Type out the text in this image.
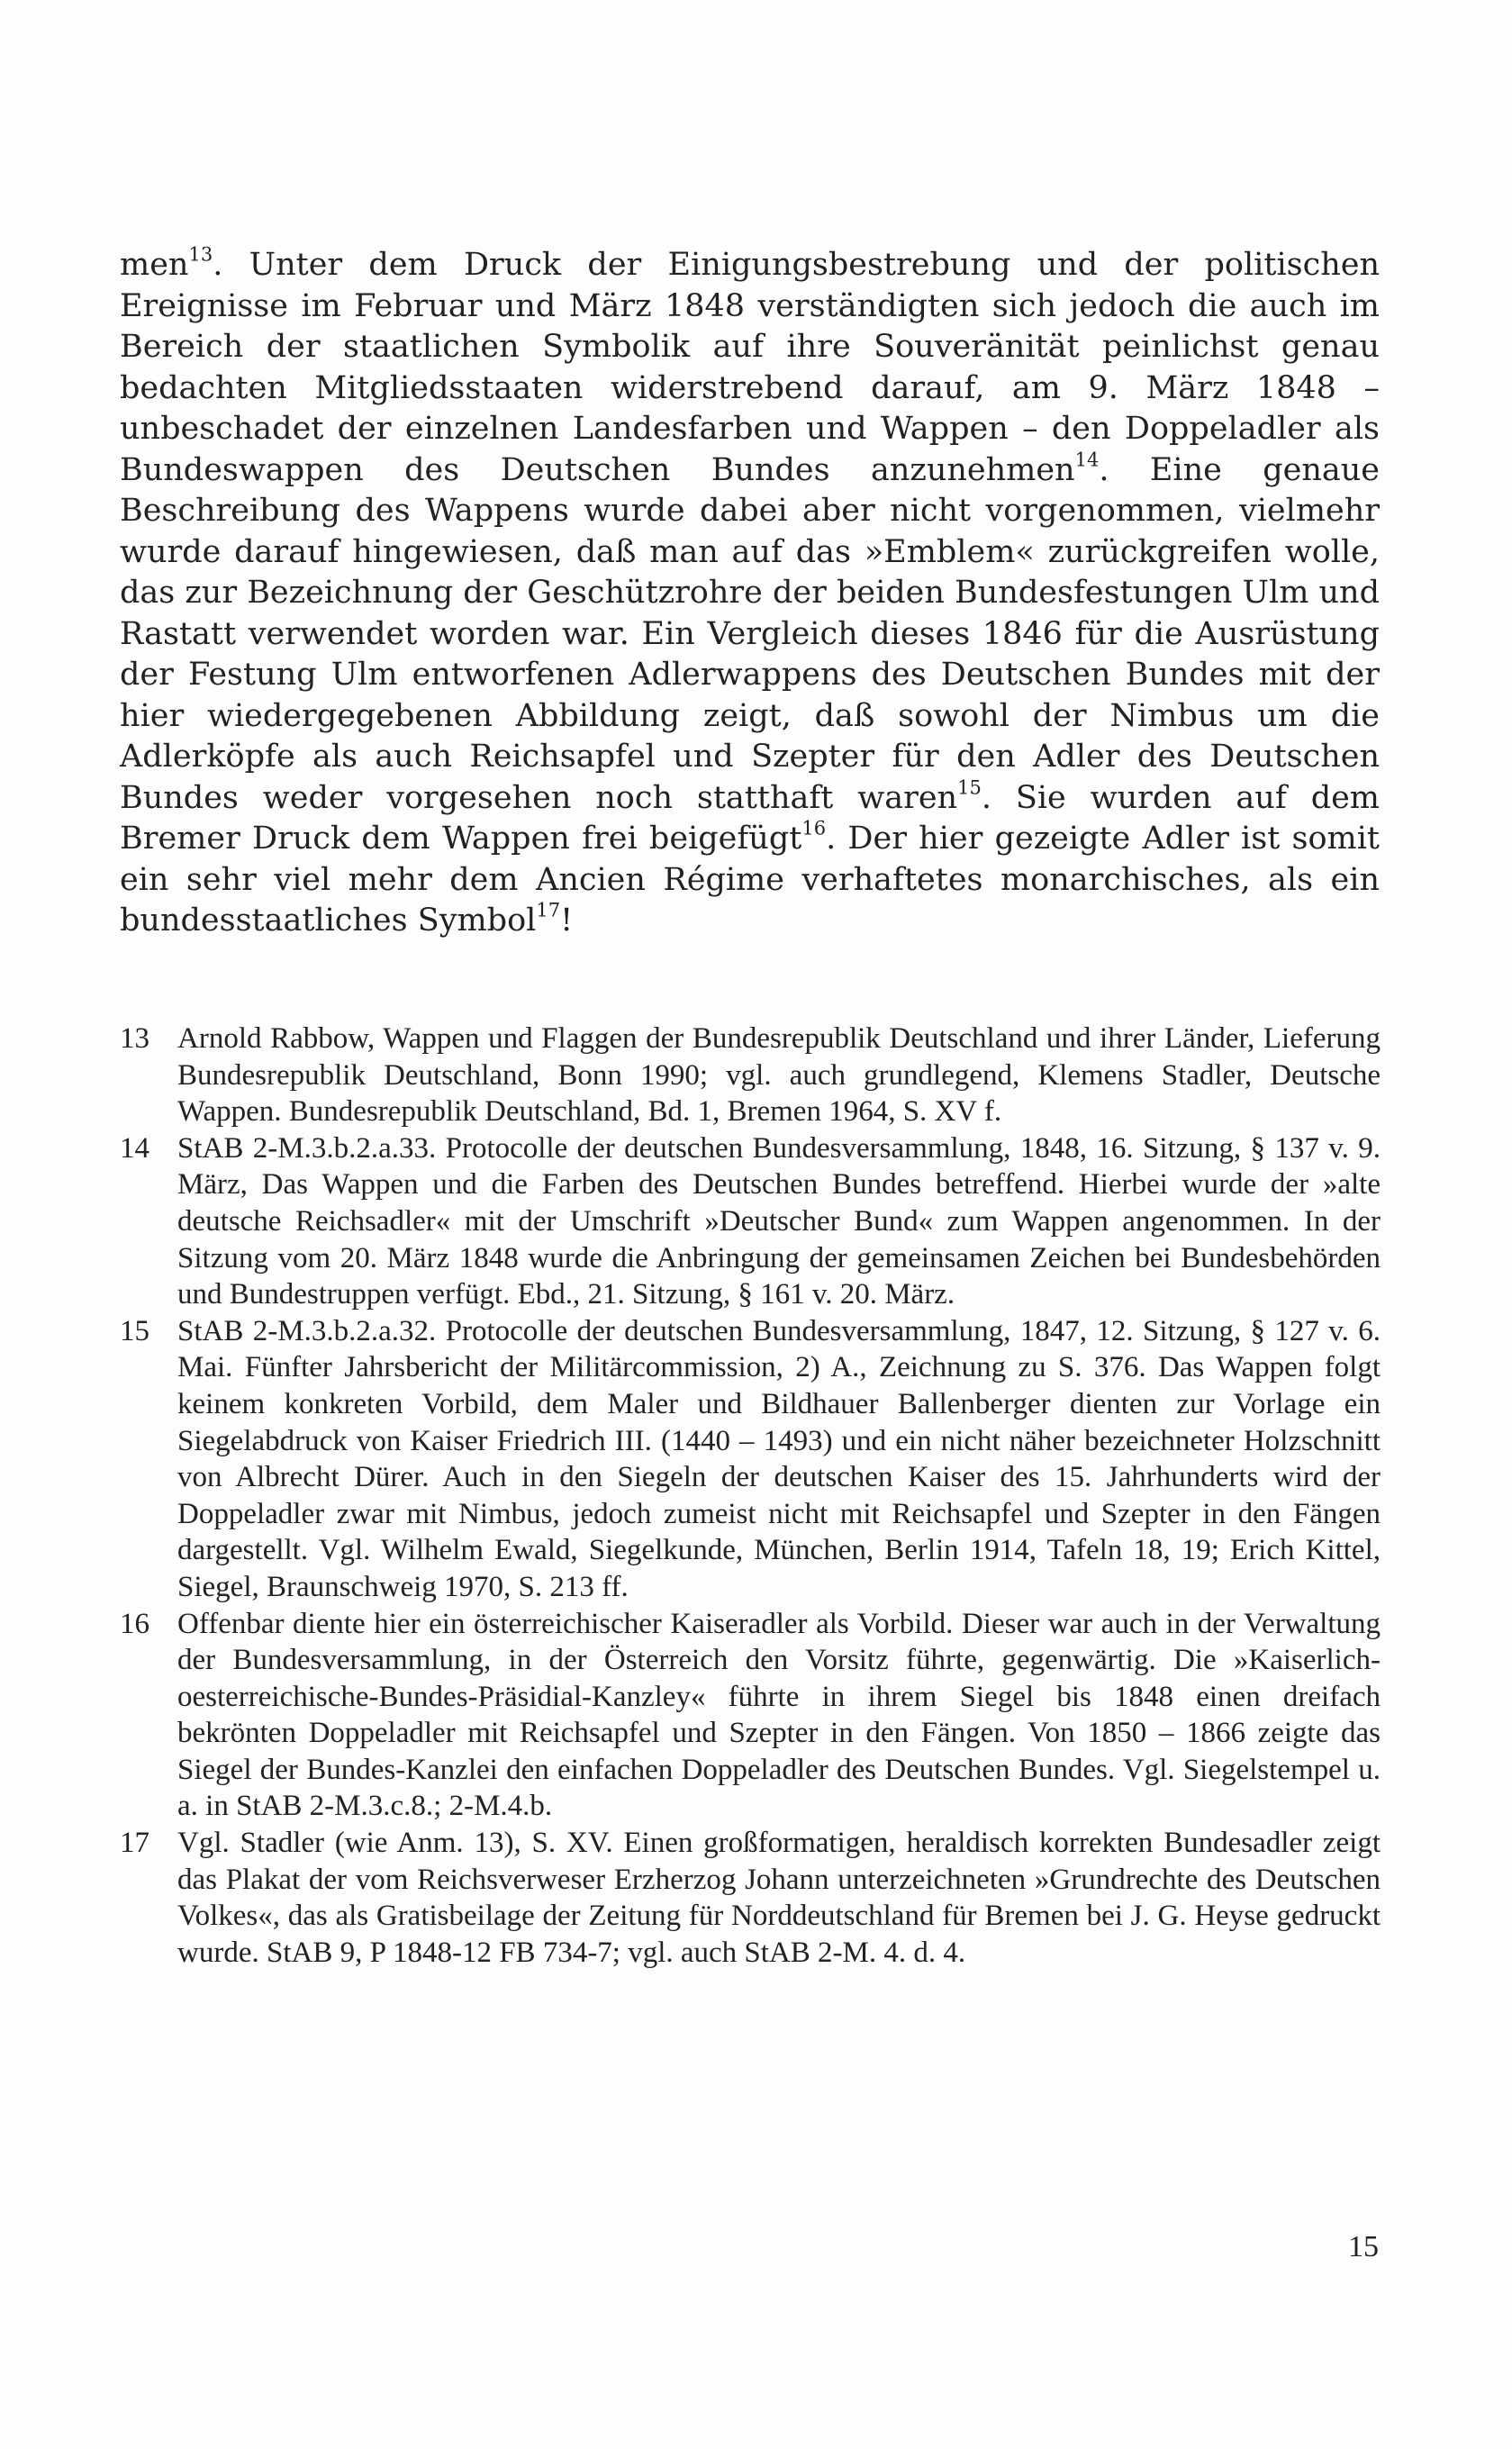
men$^{13}$. Unter dem Druck der Einigungsbestrebung und der politischen Ereignisse im Februar und März 1848 verständigten sich jedoch die auch im Bereich der staatlichen Symbolik auf ihre Souveränität peinlichst genau bedachten Mitgliedsstaaten widerstrebend darauf, am 9. März 1848 – unbeschadet der einzelnen Landesfarben und Wappen – den Doppeladler als Bundeswappen des Deutschen Bundes anzunehmen$^{14}$. Eine genaue Beschreibung des Wappens wurde dabei aber nicht vorgenommen, vielmehr wurde darauf hingewiesen, daß man auf das »Emblem« zurückgreifen wolle, das zur Bezeichnung der Geschützrohre der beiden Bundesfestungen Ulm und Rastatt verwendet worden war. Ein Vergleich dieses 1846 für die Ausrüstung der Festung Ulm entworfenen Adlerwappens des Deutschen Bundes mit der hier wiedergegebenen Abbildung zeigt, daß sowohl der Nimbus um die Adlerköpfe als auch Reichsapfel und Szepter für den Adler des Deutschen Bundes weder vorgesehen noch statthaft waren$^{15}$. Sie wurden auf dem Bremer Druck dem Wappen frei beigefügt$^{16}$. Der hier gezeigte Adler ist somit ein sehr viel mehr dem Ancien Régime verhaftetes monarchisches, als ein bundesstaatliches Symbol$^{17}$!

13 Arnold Rabbow, Wappen und Flaggen der Bundesrepublik Deutschland und ihrer Länder, Lieferung Bundesrepublik Deutschland, Bonn 1990; vgl. auch grundlegend, Klemens Stadler, Deutsche Wappen. Bundesrepublik Deutschland, Bd. 1, Bremen 1964, S. XV f.
14 StAB 2-M.3.b.2.a.33. Protocolle der deutschen Bundesversammlung, 1848, 16. Sitzung, § 137 v. 9. März, Das Wappen und die Farben des Deutschen Bundes betreffend. Hierbei wurde der »alte deutsche Reichsadler« mit der Umschrift »Deutscher Bund« zum Wappen angenommen. In der Sitzung vom 20. März 1848 wurde die Anbringung der gemeinsamen Zeichen bei Bundesbehörden und Bundestruppen verfügt. Ebd., 21. Sitzung, § 161 v. 20. März.
15 StAB 2-M.3.b.2.a.32. Protocolle der deutschen Bundesversammlung, 1847, 12. Sitzung, § 127 v. 6. Mai. Fünfter Jahrsbericht der Militärcommission, 2) A., Zeichnung zu S. 376. Das Wappen folgt keinem konkreten Vorbild, dem Maler und Bildhauer Ballenberger dienten zur Vorlage ein Siegelabdruck von Kaiser Friedrich III. (1440 – 1493) und ein nicht näher bezeichneter Holzschnitt von Albrecht Dürer. Auch in den Siegeln der deutschen Kaiser des 15. Jahrhunderts wird der Doppeladler zwar mit Nimbus, jedoch zumeist nicht mit Reichsapfel und Szepter in den Fängen dargestellt. Vgl. Wilhelm Ewald, Siegelkunde, München, Berlin 1914, Tafeln 18, 19; Erich Kittel, Siegel, Braunschweig 1970, S. 213 ff.
16 Offenbar diente hier ein österreichischer Kaiseradler als Vorbild. Dieser war auch in der Verwaltung der Bundesversammlung, in der Österreich den Vorsitz führte, gegenwärtig. Die »Kaiserlich-oesterreichische-Bundes-Präsidial-Kanzley« führte in ihrem Siegel bis 1848 einen dreifach bekrönten Doppeladler mit Reichsapfel und Szepter in den Fängen. Von 1850 – 1866 zeigte das Siegel der Bundes-Kanzlei den einfachen Doppeladler des Deutschen Bundes. Vgl. Siegelstempel u. a. in StAB 2-M.3.c.8.; 2-M.4.b.
17 Vgl. Stadler (wie Anm. 13), S. XV. Einen großformatigen, heraldisch korrekten Bundesadler zeigt das Plakat der vom Reichsverweser Erzherzog Johann unterzeichneten »Grundrechte des Deutschen Volkes«, das als Gratisbeilage der Zeitung für Norddeutschland für Bremen bei J. G. Heyse gedruckt wurde. StAB 9, P 1848-12 FB 734-7; vgl. auch StAB 2-M. 4. d. 4.
15
